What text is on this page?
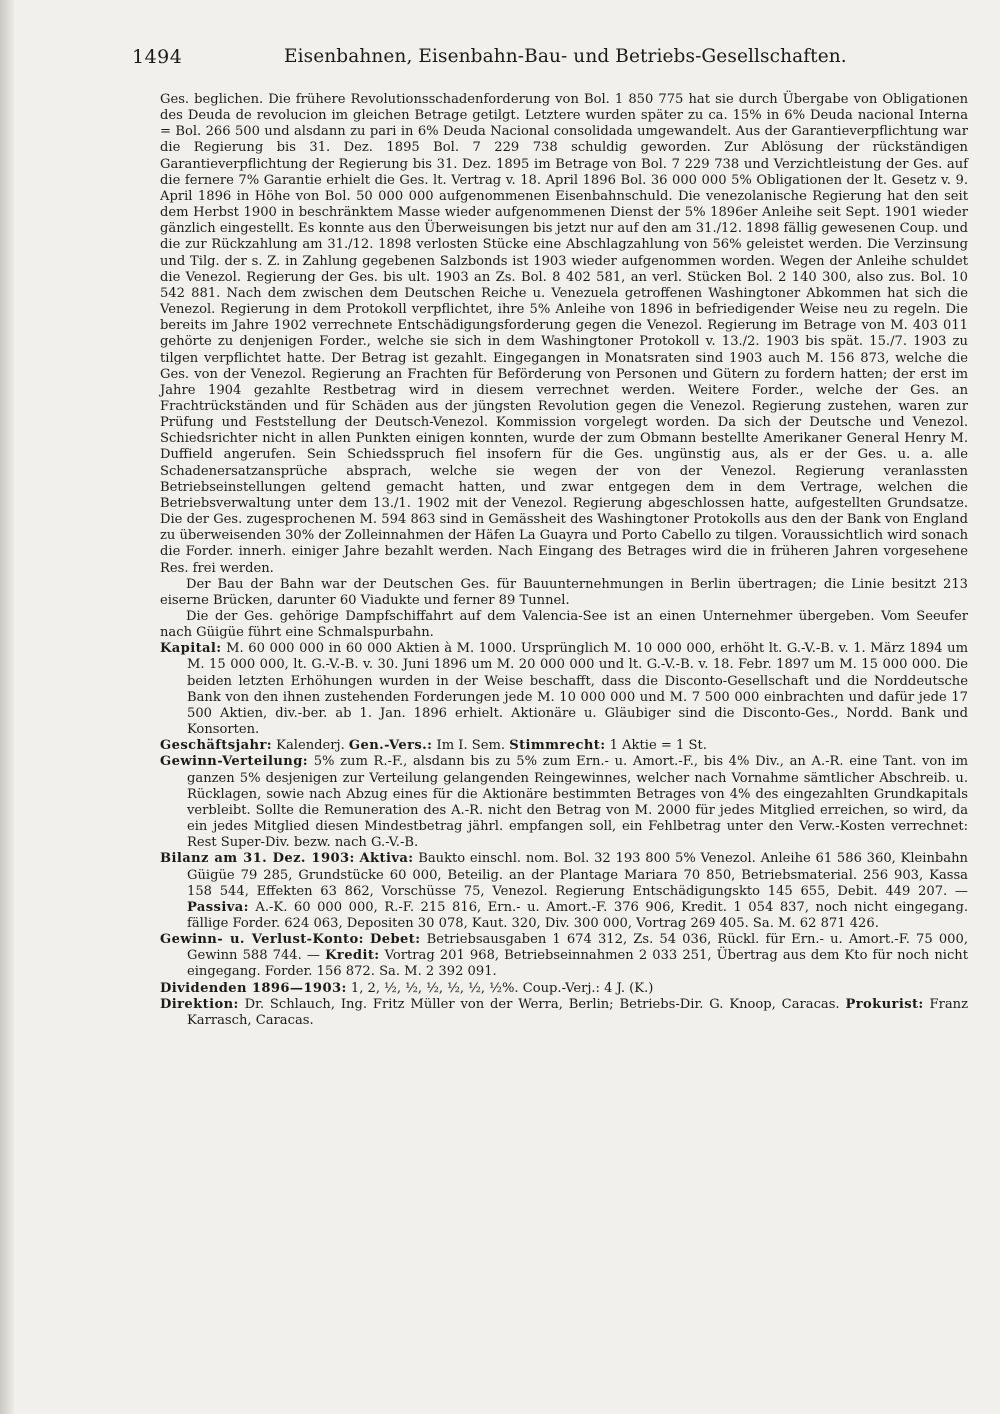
1494	Eisenbahnen, Eisenbahn-Bau- und Betriebs-Gesellschaften.

Ges. beglichen. Die frühere Revolutionsschadenforderung von Bol. 1 850 775 hat sie durch Übergabe von Obligationen des Deuda de revolucion im gleichen Betrage getilgt. Letztere wurden später zu ca. 15% in 6% Deuda nacional Interna = Bol. 266 500 und alsdann zu pari in 6% Deuda Nacional consolidada umgewandelt. Aus der Garantieverpflichtung war die Regierung bis 31. Dez. 1895 Bol. 7 229 738 schuldig geworden. Zur Ablösung der rückständigen Garantieverpflichtung der Regierung bis 31. Dez. 1895 im Betrage von Bol. 7 229 738 und Verzichtleistung der Ges. auf die fernere 7% Garantie erhielt die Ges. lt. Vertrag v. 18. April 1896 Bol. 36 000 000 5% Obligationen der lt. Gesetz v. 9. April 1896 in Höhe von Bol. 50 000 000 aufgenommenen Eisenbahnschuld. Die venezolanische Regierung hat den seit dem Herbst 1900 in beschränktem Masse wieder aufgenommenen Dienst der 5% 1896er Anleihe seit Sept. 1901 wieder gänzlich eingestellt. Es konnte aus den Überweisungen bis jetzt nur auf den am 31./12. 1898 fällig gewesenen Coup. und die zur Rückzahlung am 31./12. 1898 verlosten Stücke eine Abschlagzahlung von 56% geleistet werden. Die Verzinsung und Tilg. der s. Z. in Zahlung gegebenen Salzbonds ist 1903 wieder aufgenommen worden. Wegen der Anleihe schuldet die Venezol. Regierung der Ges. bis ult. 1903 an Zs. Bol. 8 402 581, an verl. Stücken Bol. 2 140 300, also zus. Bol. 10 542 881. Nach dem zwischen dem Deutschen Reiche u. Venezuela getroffenen Washingtoner Abkommen hat sich die Venezol. Regierung in dem Protokoll verpflichtet, ihre 5% Anleihe von 1896 in befriedigender Weise neu zu regeln. Die bereits im Jahre 1902 verrechnete Entschädigungsforderung gegen die Venezol. Regierung im Betrage von M. 403 011 gehörte zu denjenigen Forder., welche sie sich in dem Washingtoner Protokoll v. 13./2. 1903 bis spät. 15./7. 1903 zu tilgen verpflichtet hatte. Der Betrag ist gezahlt. Eingegangen in Monatsraten sind 1903 auch M. 156 873, welche die Ges. von der Venezol. Regierung an Frachten für Beförderung von Personen und Gütern zu fordern hatten; der erst im Jahre 1904 gezahlte Restbetrag wird in diesem verrechnet werden. Weitere Forder., welche der Ges. an Frachtrückständen und für Schäden aus der jüngsten Revolution gegen die Venezol. Regierung zustehen, waren zur Prüfung und Feststellung der Deutsch-Venezol. Kommission vorgelegt worden. Da sich der Deutsche und Venezol. Schiedsrichter nicht in allen Punkten einigen konnten, wurde der zum Obmann bestellte Amerikaner General Henry M. Duffield angerufen. Sein Schiedsspruch fiel insofern für die Ges. ungünstig aus, als er der Ges. u. a. alle Schadenersatzansprüche absprach, welche sie wegen der von der Venezol. Regierung veranlassten Betriebseinstellungen geltend gemacht hatten, und zwar entgegen dem in dem Vertrage, welchen die Betriebsverwaltung unter dem 13./1. 1902 mit der Venezol. Regierung abgeschlossen hatte, aufgestellten Grundsatze. Die der Ges. zugesprochenen M. 594 863 sind in Gemässheit des Washingtoner Protokolls aus den der Bank von England zu überweisenden 30% der Zolleinnahmen der Häfen La Guayra und Porto Cabello zu tilgen. Voraussichtlich wird sonach die Forder. innerh. einiger Jahre bezahlt werden. Nach Eingang des Betrages wird die in früheren Jahren vorgesehene Res. frei werden.

Der Bau der Bahn war der Deutschen Ges. für Bauunternehmungen in Berlin übertragen; die Linie besitzt 213 eiserne Brücken, darunter 60 Viadukte und ferner 89 Tunnel.

Die der Ges. gehörige Dampfschiffahrt auf dem Valencia-See ist an einen Unternehmer übergeben. Vom Seeufer nach Güigüe führt eine Schmalspurbahn.

Kapital: M. 60 000 000 in 60 000 Aktien à M. 1000. Ursprünglich M. 10 000 000, erhöht lt. G.-V.-B. v. 1. März 1894 um M. 15 000 000, lt. G.-V.-B. v. 30. Juni 1896 um M. 20 000 000 und lt. G.-V.-B. v. 18. Febr. 1897 um M. 15 000 000. Die beiden letzten Erhöhungen wurden in der Weise beschafft, dass die Disconto-Gesellschaft und die Norddeutsche Bank von den ihnen zustehenden Forderungen jede M. 10 000 000 und M. 7 500 000 einbrachten und dafür jede 17 500 Aktien, div.-ber. ab 1. Jan. 1896 erhielt. Aktionäre u. Gläubiger sind die Disconto-Ges., Nordd. Bank und Konsorten.

Geschäftsjahr: Kalenderj. Gen.-Vers.: Im I. Sem. Stimmrecht: 1 Aktie = 1 St.

Gewinn-Verteilung: 5% zum R.-F., alsdann bis zu 5% zum Ern.- u. Amort.-F., bis 4% Div., an A.-R. eine Tant. von im ganzen 5% desjenigen zur Verteilung gelangenden Reingewinnes, welcher nach Vornahme sämtlicher Abschreib. u. Rücklagen, sowie nach Abzug eines für die Aktionäre bestimmten Betrages von 4% des eingezahlten Grundkapitals verbleibt. Sollte die Remuneration des A.-R. nicht den Betrag von M. 2000 für jedes Mitglied erreichen, so wird, da ein jedes Mitglied diesen Mindestbetrag jährl. empfangen soll, ein Fehlbetrag unter den Verw.-Kosten verrechnet: Rest Super-Div. bezw. nach G.-V.-B.

Bilanz am 31. Dez. 1903: Aktiva: Baukto einschl. nom. Bol. 32 193 800 5% Venezol. Anleihe 61 586 360, Kleinbahn Güigüe 79 285, Grundstücke 60 000, Beteilig. an der Plantage Mariara 70 850, Betriebsmaterial. 256 903, Kassa 158 544, Effekten 63 862, Vorschüsse 75, Venezol. Regierung Entschädigungskto 145 655, Debit. 449 207. — Passiva: A.-K. 60 000 000, R.-F. 215 816, Ern.- u. Amort.-F. 376 906, Kredit. 1 054 837, noch nicht eingegang. fällige Forder. 624 063, Depositen 30 078, Kaut. 320, Div. 300 000, Vortrag 269 405. Sa. M. 62 871 426.

Gewinn- u. Verlust-Konto: Debet: Betriebsausgaben 1 674 312, Zs. 54 036, Rückl. für Ern.- u. Amort.-F. 75 000, Gewinn 588 744. — Kredit: Vortrag 201 968, Betriebseinnahmen 2 033 251, Übertrag aus dem Kto für noch nicht eingegang. Forder. 156 872. Sa. M. 2 392 091.

Dividenden 1896—1903: 1, 2, ½, ½, ½, ½, ½, ½%. Coup.-Verj.: 4 J. (K.)

Direktion: Dr. Schlauch, Ing. Fritz Müller von der Werra, Berlin; Betriebs-Dir. G. Knoop, Caracas. Prokurist: Franz Karrasch, Caracas.
